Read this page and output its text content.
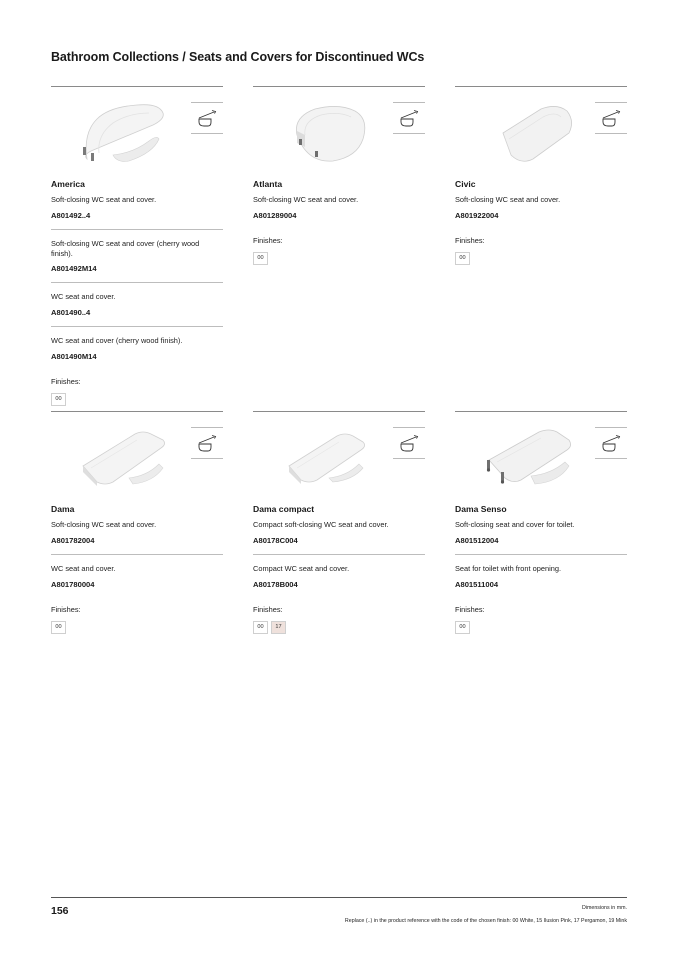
Bathroom Collections / Seats and Covers for Discontinued WCs
America
Soft-closing WC seat and cover.
A801492..4
Soft-closing WC seat and cover (cherry wood finish).
A801492M14
WC seat and cover.
A801490..4
WC seat and cover (cherry wood finish).
A801490M14
Finishes:
00
Atlanta
Soft-closing WC seat and cover.
A801289004
Finishes:
00
Civic
Soft-closing WC seat and cover.
A801922004
Finishes:
00
Dama
Soft-closing WC seat and cover.
A801782004
WC seat and cover.
A801780004
Finishes:
00
Dama compact
Compact soft-closing WC seat and cover.
A80178C004
Compact WC seat and cover.
A80178B004
Finishes:
00	17
Dama Senso
Soft-closing seat and cover for toilet.
A801512004
Seat for toilet with front opening.
A801511004
Finishes:
00
156	Dimensions in mm.
Replace (..) in the product reference with the code of the chosen finish: 00 White, 15 Ilusion Pink, 17 Pergamon, 19 Mink
